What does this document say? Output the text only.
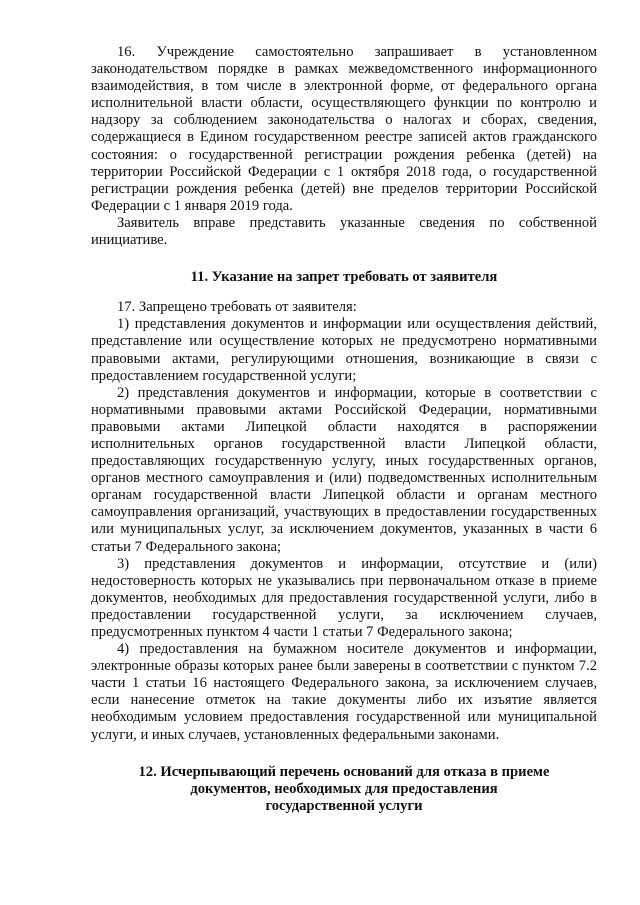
16. Учреждение самостоятельно запрашивает в установленном законодательством порядке в рамках межведомственного информационного взаимодействия, в том числе в электронной форме, от федерального органа исполнительной власти области, осуществляющего функции по контролю и надзору за соблюдением законодательства о налогах и сборах, сведения, содержащиеся в Едином государственном реестре записей актов гражданского состояния: о государственной регистрации рождения ребенка (детей) на территории Российской Федерации с 1 октября 2018 года, о государственной регистрации рождения ребенка (детей) вне пределов территории Российской Федерации с 1 января 2019 года.

Заявитель вправе представить указанные сведения по собственной инициативе.

11. Указание на запрет требовать от заявителя

17. Запрещено требовать от заявителя:

1) представления документов и информации или осуществления действий, представление или осуществление которых не предусмотрено нормативными правовыми актами, регулирующими отношения, возникающие в связи с предоставлением государственной услуги;

2) представления документов и информации, которые в соответствии с нормативными правовыми актами Российской Федерации, нормативными правовыми актами Липецкой области находятся в распоряжении исполнительных органов государственной власти Липецкой области, предоставляющих государственную услугу, иных государственных органов, органов местного самоуправления и (или) подведомственных исполнительным органам государственной власти Липецкой области и органам местного самоуправления организаций, участвующих в предоставлении государственных или муниципальных услуг, за исключением документов, указанных в части 6 статьи 7 Федерального закона;

3) представления документов и информации, отсутствие и (или) недостоверность которых не указывались при первоначальном отказе в приеме документов, необходимых для предоставления государственной услуги, либо в предоставлении государственной услуги, за исключением случаев, предусмотренных пунктом 4 части 1 статьи 7 Федерального закона;

4) предоставления на бумажном носителе документов и информации, электронные образы которых ранее были заверены в соответствии с пунктом 7.2 части 1 статьи 16 настоящего Федерального закона, за исключением случаев, если нанесение отметок на такие документы либо их изъятие является необходимым условием предоставления государственной или муниципальной услуги, и иных случаев, установленных федеральными законами.

12. Исчерпывающий перечень оснований для отказа в приеме
документов, необходимых для предоставления
государственной услуги
